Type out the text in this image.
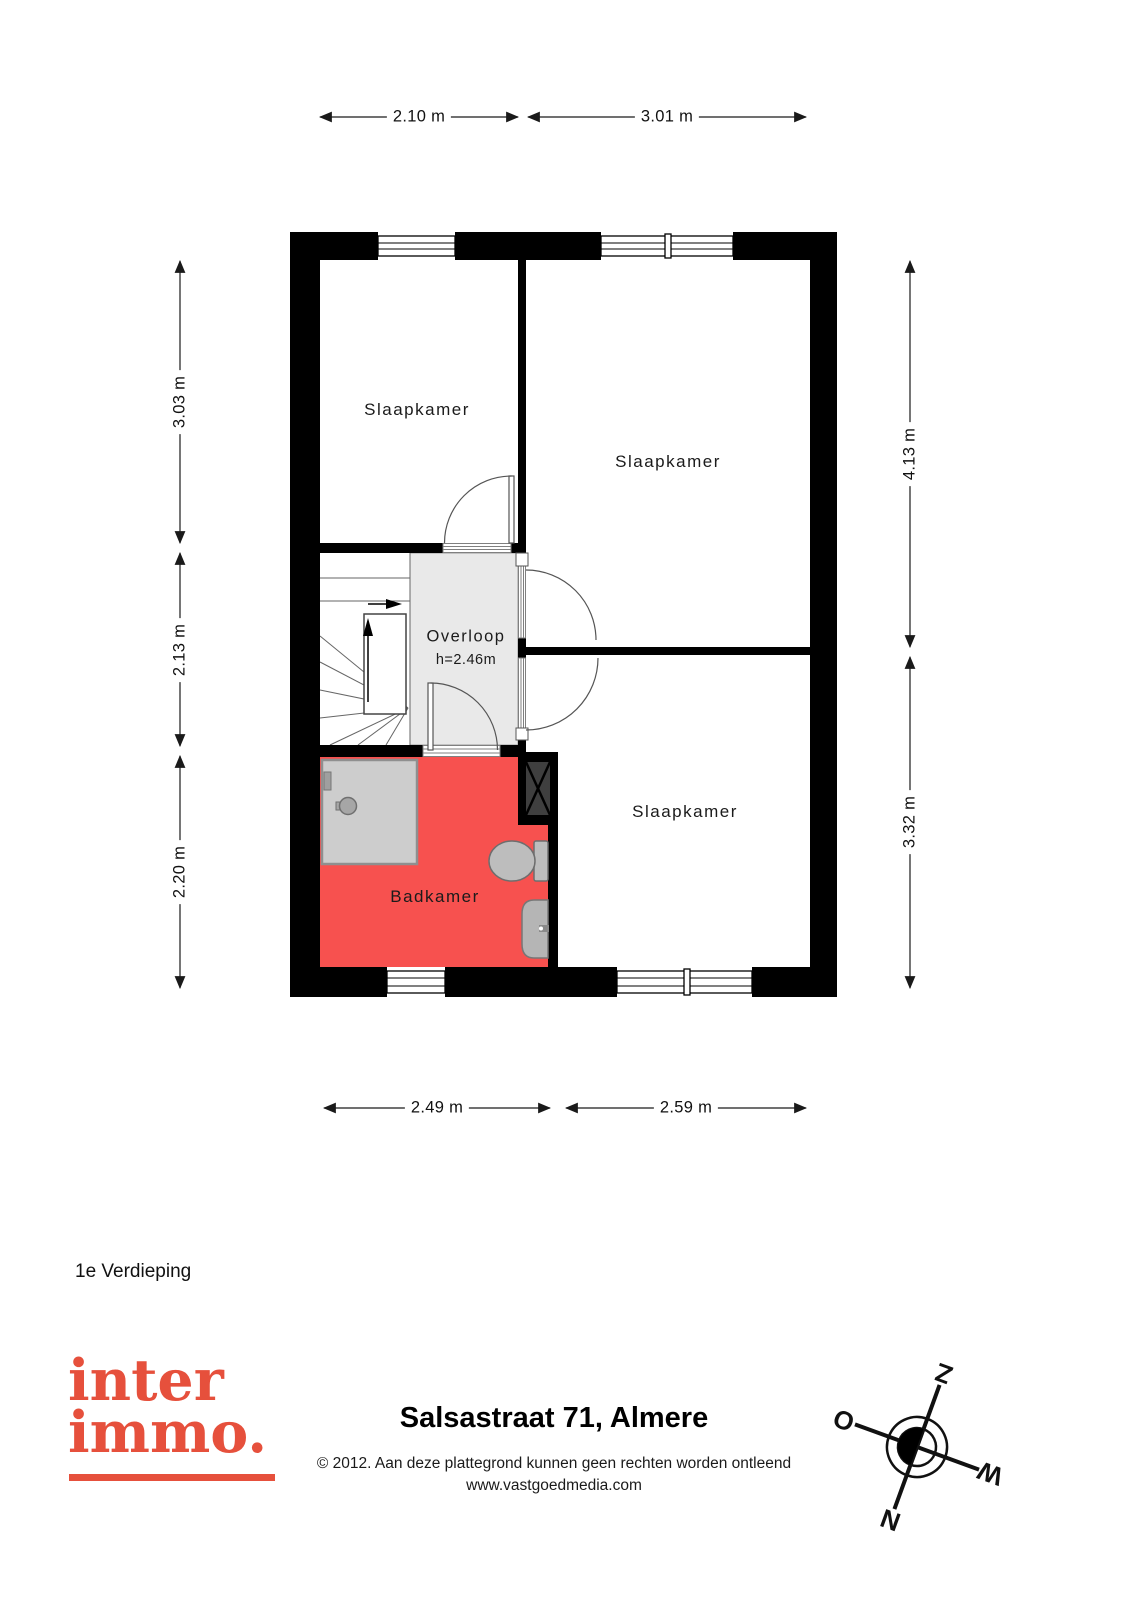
N
O
Z
W
2.10 m	3.01 m
2.49 m	2.59 m
3.03 m
2.13 m
2.20 m
4.13 m
3.32 m
Slaapkamer
Slaapkamer
Slaapkamer
Overloop
h=2.46m
Badkamer
1e Verdieping
inter
immo.	Salsastraat 71, Almere
© 2012. Aan deze plattegrond kunnen geen rechten worden ontleend
www.vastgoedmedia.com
